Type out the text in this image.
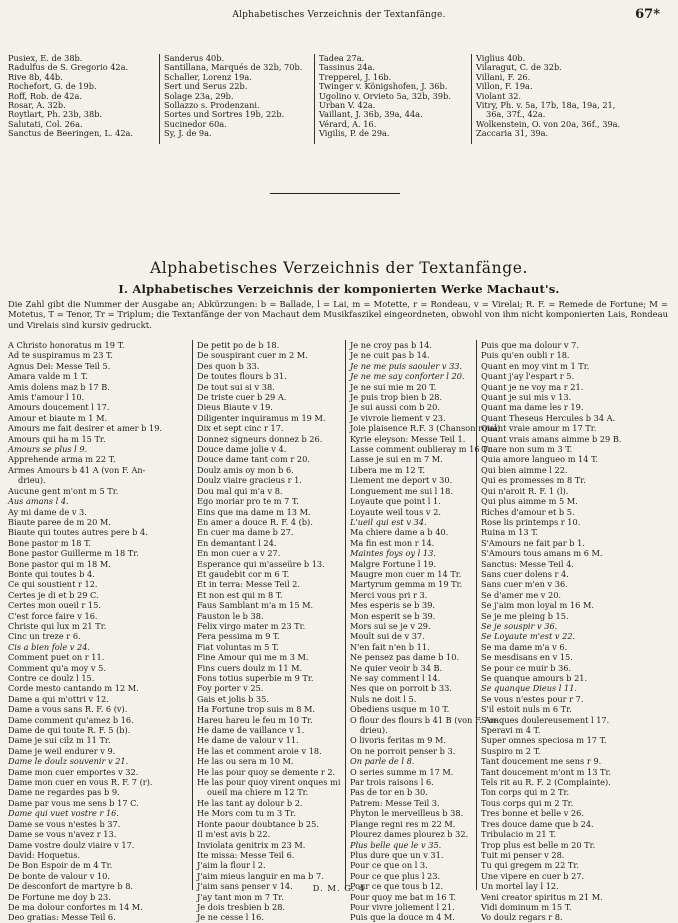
Alphabetisches Verzeichnis der Textanfänge.	67*
Pusiex, E. de 38b.
Radulfus de S. Gregorio 42a.
Rive 8b, 44b.
Rochefort, G. de 19b.
Roff, Rob. de 42a.
Rosar, A. 32b.
Roytlart, Ph. 23b, 38b.
Salutati, Col. 26a.
Sanctus de Beeringen, L. 42a.
Sanderus 40b.
Santillana, Marqués de 32b, 70b.
Schaller, Lorenz 19a.
Sert und Serus 22b.
Solage 23a, 29b.
Sollazzo s. Prodenzani.
Sortes und Sortres 19b, 22b.
Sucinedor 60a.
Sy, J. de 9a.
Tadea 27a.
Tassinus 24a.
Trepperel, J. 16b.
Twinger v. Königshofen, J. 36b.
Ugolino v. Orvieto 5a, 32b, 39b.
Urban V. 42a.
Vaillant, J. 36b, 39a, 44a.
Vérard, A. 16.
Vigilis, P. de 29a.
Viglius 40b.
Vilaragut, C. de 32b.
Villani, F. 26.
Villon, F. 19a.
Violant 32.
Vitry, Ph. v. 5a, 17b, 18a, 19a, 21,
36a, 37f., 42a.
Wolkenstein, O. von 20a, 36f., 39a.
Zaccaria 31, 39a.
Alphabetisches Verzeichnis der Textanfänge.
I. Alphabetisches Verzeichnis der komponierten Werke Machaut's.
Die Zahl gibt die Nummer der Ausgabe an; Abkürzungen: b = Ballade, l = Lai, m = Motette, r = Rondeau, v = Virelai; R. F. = Remede de Fortune; M = Motetus, T = Tenor, Tr = Triplum; die Textanfänge der von Machaut dem Musikfaszikel eingeordneten, obwohl von ihm nicht komponierten Lais, Rondeau und Virelais sind kursiv gedruckt.
A Christo honoratus m 19 T.
Ad te suspiramus m 23 T.
Agnus Dei: Messe Teil 5.
Amara valde m 1 T.
Amis dolens maz b 17 B.
Amis t'amour l 10.
Amours doucement l 17.
Amour et biaute m 1 M.
Amours me fait desirer et amer b 19.
Amours qui ha m 15 Tr.
Amours se plus l 9.
Apprehende arma m 22 T.
Armes Amours b 41 A (von F. An-
drieu).
Aucune gent m'ont m 5 Tr.
Aus amans l 4.
Ay mi dame de v 3.
Biaute paree de m 20 M.
Biaute qui toutes autres pere b 4.
Bone pastor m 18 T.
Bone pastor Guillerme m 18 Tr.
Bone pastor qui m 18 M.
Bonte qui toutes b 4.
Ce qui soustient r 12.
Certes je di et b 29 C.
Certes mon oueil r 15.
C'est force faire v 16.
Christe qui lux m 21 Tr.
Cinc un treze r 6.
Cis a bien fole v 24.
Comment puet on r 11.
Comment qu'a moy v 5.
Contre ce doulz l 15.
Corde mesto cantando m 12 M.
Dame a qui m'ottri v 12.
Dame a vous sans R. F. 6 (v).
Dame comment qu'amez b 16.
Dame de qui toute R. F. 5 (b).
Dame je sui cilz m 11 Tr.
Dame je weil endurer v 9.
Dame le doulz souvenir v 21.
Dame mon cuer emportes v 32.
Dame mon cuer en vous R. F. 7 (r).
Dame ne regardes pas b 9.
Dame par vous me sens b 17 C.
Dame qui vuet vostre r 16.
Dame se vous n'estes b 37.
Dame se vous n'avez r 13.
Dame vostre doulz viaire v 17.
David: Hoquetus.
De Bon Espoir de m 4 Tr.
De bonte de valour v 10.
De desconfort de martyre b 8.
De Fortune me doy b 23.
De ma dolour confortes m 14 M.
Deo gratias: Messe Teil 6.
De petit po de b 18.
De souspirant cuer m 2 M.
Des quon b 33.
De toutes flours b 31.
De tout sui si v 38.
De triste cuer b 29 A.
Dieus Biaute v 19.
Diligenter inquiramus m 19 M.
Dix et sept cinc r 17.
Donnez signeurs donnez b 26.
Douce dame jolie v 4.
Douce dame tant com r 20.
Doulz amis oy mon b 6.
Doulz viaire gracieus r 1.
Dou mal qui m'a v 8.
Ego moriar pro te m 7 T.
Eins que ma dame m 13 M.
En amer a douce R. F. 4 (b).
En cuer ma dame b 27.
En demantant l 24.
En mon cuer a v 27.
Esperance qui m'asseüre b 13.
Et gaudebit cor m 6 T.
Et in terra: Messe Teil 2.
Et non est qui m 8 T.
Faus Samblant m'a m 15 M.
Fauston le b 38.
Felix virgo mater m 23 Tr.
Fera pessima m 9 T.
Fiat voluntas m 5 T.
Fine Amour qui me m 3 M.
Fins cuers doulz m 11 M.
Fons totius superbie m 9 Tr.
Foy porter v 25.
Gais et jolis b 35.
Ha Fortune trop suis m 8 M.
Hareu hareu le feu m 10 Tr.
He dame de vaillance v 1.
He dame de valour v 11.
He las et comment aroie v 18.
He las ou sera m 10 M.
He las pour quoy se demente r 2.
He las pour quoy virent onques mi
oueil ma chiere m 12 Tr.
He las tant ay dolour b 2.
He Mors com tu m 3 Tr.
Honte paour doubtance b 25.
Il m'est avis b 22.
Inviolata genitrix m 23 M.
Ite missa: Messe Teil 6.
J'aim la flour l 2.
J'aim mieus languir en ma b 7.
J'aim sans penser v 14.
J'ay tant mon m 7 Tr.
Je dois tresbien b 28.
Je ne cesse l 16.
Je ne croy pas b 14.
Je ne cuit pas b 14.
Je ne me puis saouler v 33.
Je ne me say conforter l 20.
Je ne sui mie m 20 T.
Je puis trop bien b 28.
Je sui aussi com b 20.
Je vivroie liement v 23.
Joie plaisence R.F. 3 (Chanson roial).
Kyrie eleyson: Messe Teil 1.
Lasse comment oublieray m 16 Tr.
Lasse je sui en m 7 M.
Libera me m 12 T.
Liement me deport v 30.
Longuement me sui l 18.
Loyaute que point l 1.
Loyaute weil tous v 2.
L'ueil qui est v 34.
Ma chiere dame a b 40.
Ma fin est mon r 14.
Maintes foys oy l 13.
Malgre Fortune l 19.
Maugre mon cuer m 14 Tr.
Martyrum gemma m 19 Tr.
Merci vous pri r 3.
Mes esperis se b 39.
Mon esperit se b 39.
Mors sui se je v 29.
Moult sui de v 37.
N'en fait n'en b 11.
Ne pensez pas dame b 10.
Ne quier veoir b 34 B.
Ne say comment l 14.
Nes que on porroit b 33.
Nuls ne doit l 5.
Obediens usque m 10 T.
O flour des flours b 41 B (von F. An-
drieu).
O livoris feritas m 9 M.
On ne porroit penser b 3.
On parle de l 8.
O series summe m 17 M.
Par trois raisons l 6.
Pas de tor en b 30.
Patrem: Messe Teil 3.
Phyton le merveilleus b 38.
Plange regni res m 22 M.
Plourez dames plourez b 32.
Plus belle que le v 35.
Plus dure que un v 31.
Pour ce que on l 3.
Pour ce que plus l 23.
Pour ce que tous b 12.
Pour quoy me bat m 16 T.
Pour vivre joliement l 21.
Puis que la douce m 4 M.
Puis que ma dolour v 7.
Puis qu'en oubli r 18.
Quant en moy vint m 1 Tr.
Quant j'ay l'espart r 5.
Quant je ne voy ma r 21.
Quant je sui mis v 13.
Quant ma dame les r 19.
Quant Theseus Hercules b 34 A.
Quant vraie amour m 17 Tr.
Quant vrais amans aimme b 29 B.
Quare non sum m 3 T.
Quia amore langueo m 14 T.
Qui bien aimme l 22.
Qui es promesses m 8 Tr.
Qui n'aroit R. F. 1 (l).
Qui plus aimme m 5 M.
Riches d'amour et b 5.
Rose lis printemps r 10.
Ruina m 13 T.
S'Amours ne fait par b 1.
S'Amours tous amans m 6 M.
Sanctus: Messe Teil 4.
Sans cuer dolens r 4.
Sans cuer m'en v 36.
Se d'amer me v 20.
Se j'aim mon loyal m 16 M.
Se je me pleing b 15.
Se je souspir v 36.
Se Loyaute m'est v 22.
Se ma dame m'a v 6.
Se mesdisans en v 15.
Se pour ce muir b 36.
Se quanque amours b 21.
Se quanque Dieus l 11.
Se vous n'estes pour r 7.
S'il estoit nuls m 6 Tr.
S'onques doulereusement l 17.
Speravi m 4 T.
Super omnes speciosa m 17 T.
Suspiro m 2 T.
Tant doucement me sens r 9.
Tant doucement m'ont m 13 Tr.
Tels rit au R. F. 2 (Complainte).
Ton corps qui m 2 Tr.
Tous corps qui m 2 Tr.
Tres bonne et belle v 26.
Tres douce dame que b 24.
Tribulacio m 21 T.
Trop plus est belle m 20 Tr.
Tuit mi penser v 28.
Tu qui gregem m 22 Tr.
Une vipere en cuer b 27.
Un mortel lay l 12.
Veni creator spiritus m 21 M.
Vidi dominum m 15 T.
Vo doulz regars r 8.
D. M. G. 4
